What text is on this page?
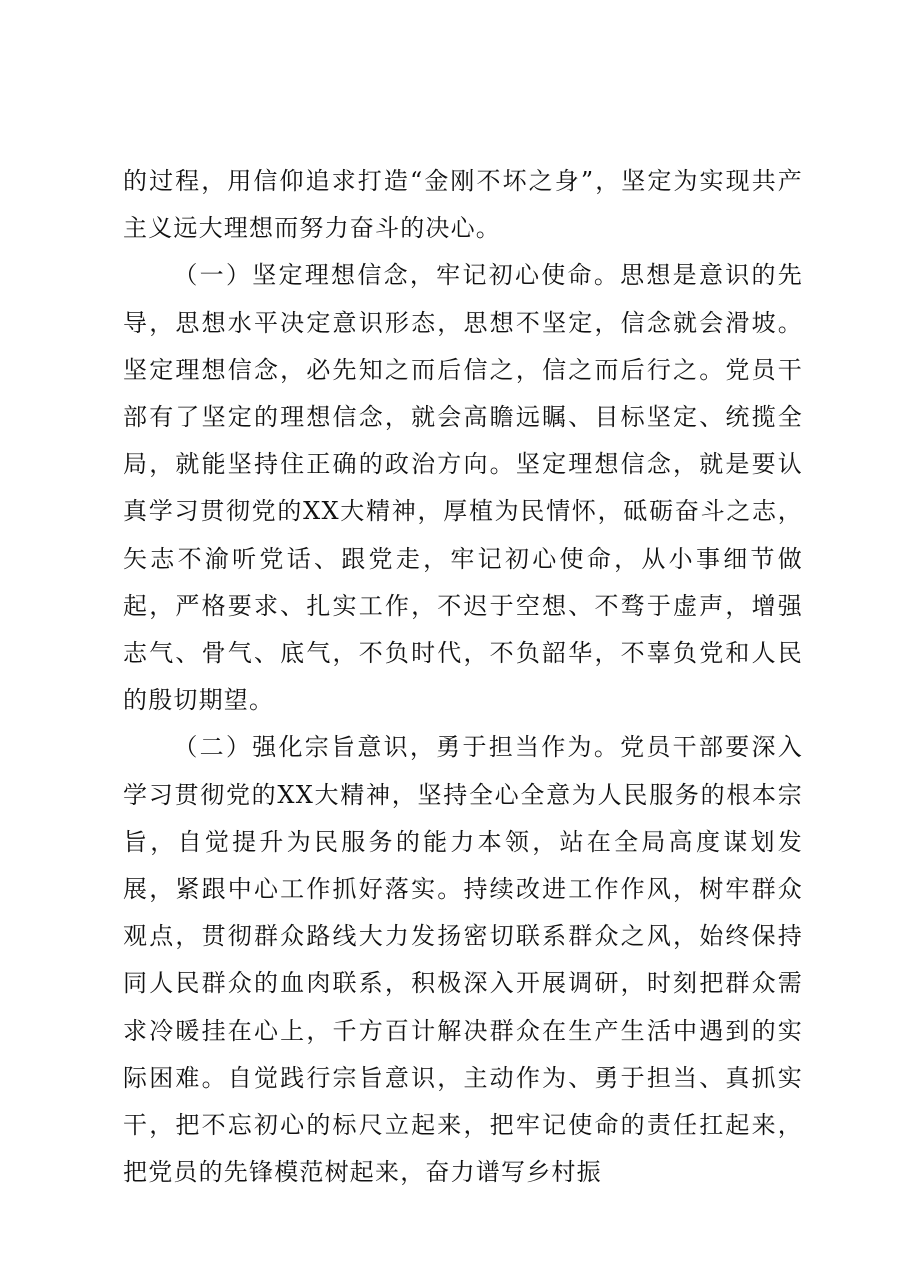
的过程，用信仰追求打造“金刚不坏之身”，坚定为实现共产主义远大理想而努力奋斗的决心。

（一）坚定理想信念，牢记初心使命。思想是意识的先导，思想水平决定意识形态，思想不坚定，信念就会滑坡。坚定理想信念，必先知之而后信之，信之而后行之。党员干部有了坚定的理想信念，就会高瞻远瞩、目标坚定、统揽全局，就能坚持住正确的政治方向。坚定理想信念，就是要认真学习贯彻党的XX大精神，厚植为民情怀，砥砺奋斗之志，矢志不渝听党话、跟党走，牢记初心使命，从小事细节做起，严格要求、扎实工作，不迟于空想、不骛于虚声，增强志气、骨气、底气，不负时代，不负韶华，不辜负党和人民的殷切期望。

（二）强化宗旨意识，勇于担当作为。党员干部要深入学习贯彻党的XX大精神，坚持全心全意为人民服务的根本宗旨，自觉提升为民服务的能力本领，站在全局高度谋划发展，紧跟中心工作抓好落实。持续改进工作作风，树牢群众观点，贯彻群众路线大力发扬密切联系群众之风，始终保持同人民群众的血肉联系，积极深入开展调研，时刻把群众需求冷暖挂在心上，千方百计解决群众在生产生活中遇到的实际困难。自觉践行宗旨意识，主动作为、勇于担当、真抓实干，把不忘初心的标尺立起来，把牢记使命的责任扛起来，把党员的先锋模范树起来，奋力谱写乡村振
